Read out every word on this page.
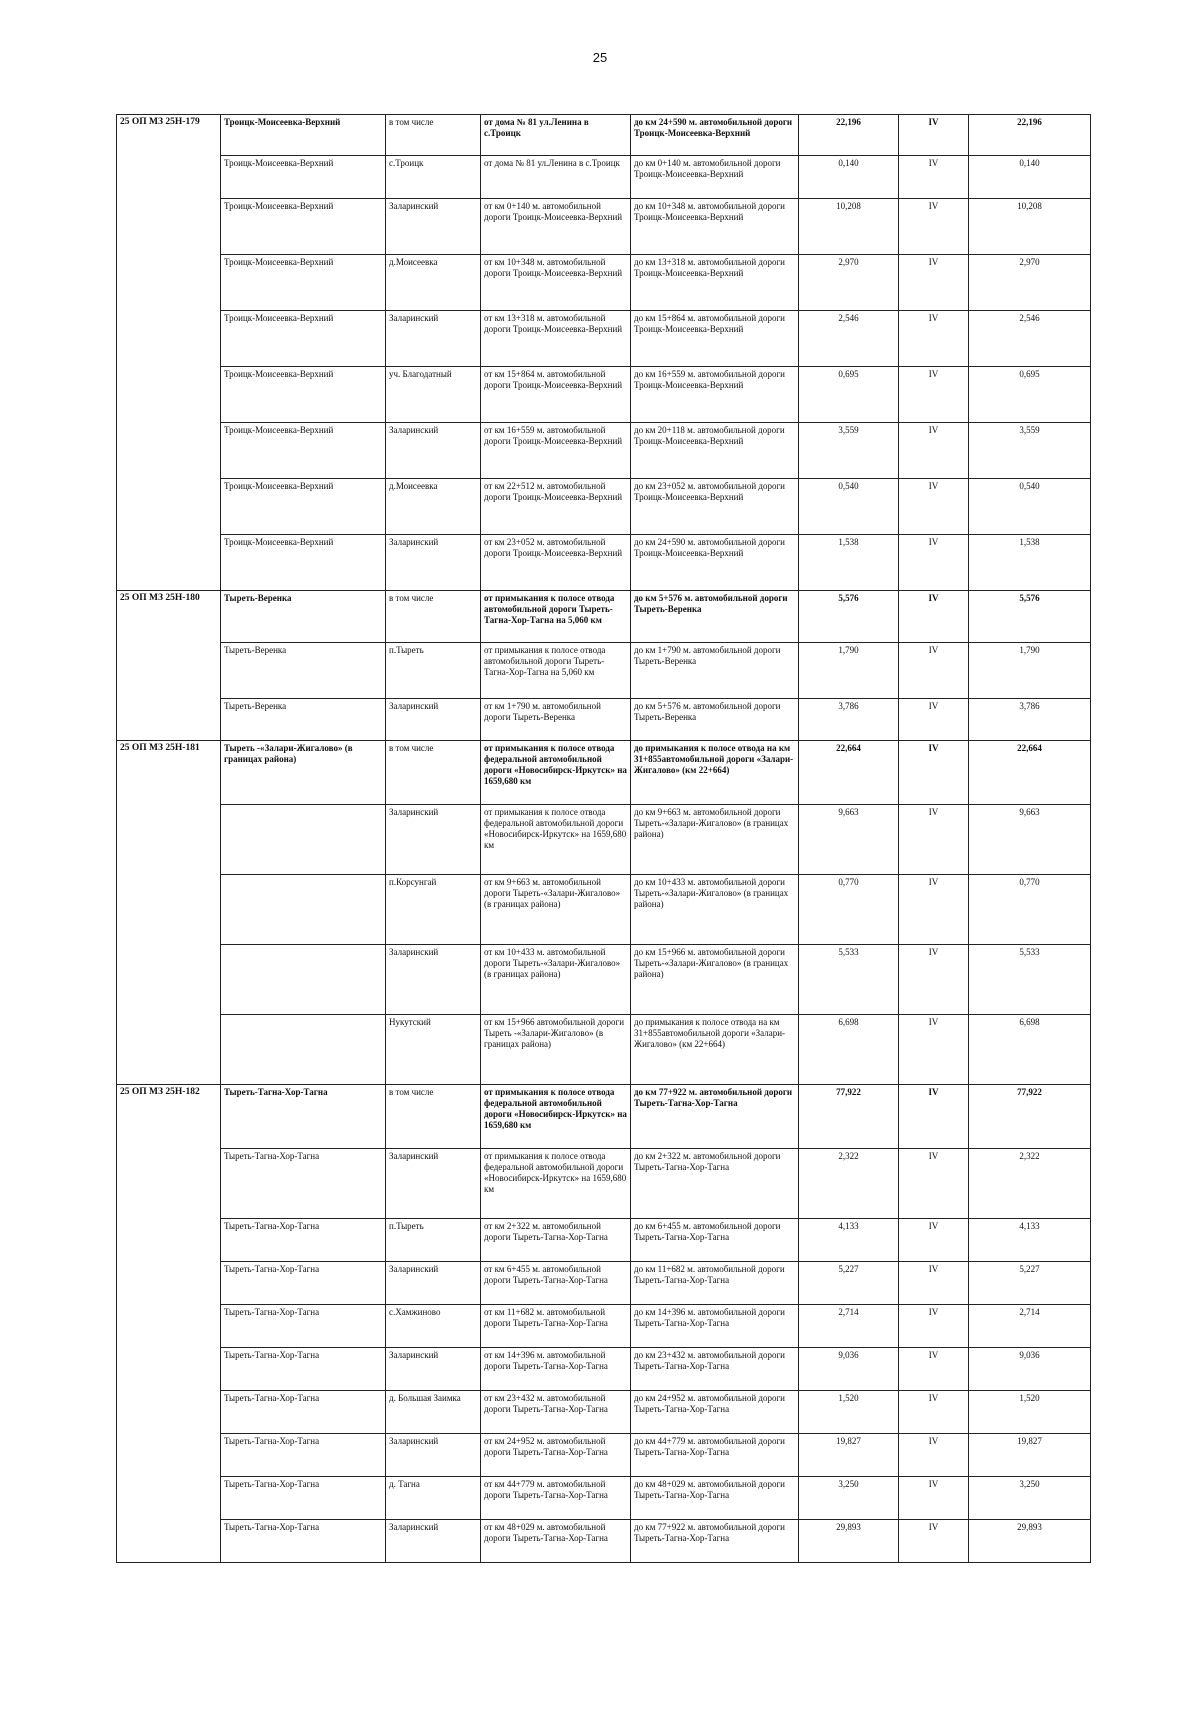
25
25 ОП МЗ 25Н-179	Троицк-Моисеевка-Верхний	в том числе	от дома № 81 ул.Ленина в с.Троицк	до км 24+590 м. автомобильной дороги Троицк-Моисеевка-Верхний	22,196	IV	22,196
	Троицк-Моисеевка-Верхний	с.Троицк	от дома № 81 ул.Ленина в с.Троицк	до км 0+140 м. автомобильной дороги Троицк-Моисеевка-Верхний	0,140	IV	0,140
	Троицк-Моисеевка-Верхний	Заларинский	от км 0+140 м. автомобильной дороги Троицк-Моисеевка-Верхний	до км 10+348 м. автомобильной дороги Троицк-Моисеевка-Верхний	10,208	IV	10,208
	Троицк-Моисеевка-Верхний	д.Моисеевка	от км 10+348 м. автомобильной дороги Троицк-Моисеевка-Верхний	до км 13+318 м. автомобильной дороги Троицк-Моисеевка-Верхний	2,970	IV	2,970
	Троицк-Моисеевка-Верхний	Заларинский	от км 13+318 м. автомобильной дороги Троицк-Моисеевка-Верхний	до км 15+864 м. автомобильной дороги Троицк-Моисеевка-Верхний	2,546	IV	2,546
	Троицк-Моисеевка-Верхний	уч. Благодатный	от км 15+864 м. автомобильной дороги Троицк-Моисеевка-Верхний	до км 16+559 м. автомобильной дороги Троицк-Моисеевка-Верхний	0,695	IV	0,695
	Троицк-Моисеевка-Верхний	Заларинский	от км 16+559 м. автомобильной дороги Троицк-Моисеевка-Верхний	до км 20+118 м. автомобильной дороги Троицк-Моисеевка-Верхний	3,559	IV	3,559
	Троицк-Моисеевка-Верхний	д.Моисеевка	от км 22+512 м. автомобильной дороги Троицк-Моисеевка-Верхний	до км 23+052 м. автомобильной дороги Троицк-Моисеевка-Верхний	0,540	IV	0,540
	Троицк-Моисеевка-Верхний	Заларинский	от км 23+052 м. автомобильной дороги Троицк-Моисеевка-Верхний	до км 24+590 м. автомобильной дороги Троицк-Моисеевка-Верхний	1,538	IV	1,538
25 ОП МЗ 25Н-180	Тыреть-Веренка	в том числе	от примыкания к полосе отвода автомобильной дороги Тыреть-Тагна-Хор-Тагна на 5,060 км	до км 5+576 м. автомобильной дороги Тыреть-Веренка	5,576	IV	5,576
	Тыреть-Веренка	п.Тыреть	от примыкания к полосе отвода автомобильной дороги Тыреть-Тагна-Хор-Тагна на 5,060 км	до км 1+790 м. автомобильной дороги Тыреть-Веренка	1,790	IV	1,790
	Тыреть-Веренка	Заларинский	от км 1+790 м. автомобильной дороги Тыреть-Веренка	до км 5+576 м. автомобильной дороги Тыреть-Веренка	3,786	IV	3,786
25 ОП МЗ 25Н-181	Тыреть -«Залари-Жигалово» (в границах района)	в том числе	от примыкания к полосе отвода федеральной автомобильной дороги «Новосибирск-Иркутск» на 1659,680 км	до примыкания к полосе отвода на км 31+855автомобильной дороги «Залари-Жигалово» (км 22+664)	22,664	IV	22,664
		Заларинский	от примыкания к полосе отвода федеральной автомобильной дороги «Новосибирск-Иркутск» на 1659,680 км	до км 9+663 м. автомобильной дороги Тыреть-«Залари-Жигалово» (в границах района)	9,663	IV	9,663
		п.Корсунгай	от км 9+663 м. автомобильной дороги Тыреть-«Залари-Жигалово» (в границах района)	до км 10+433 м. автомобильной дороги Тыреть-«Залари-Жигалово» (в границах района)	0,770	IV	0,770
		Заларинский	от км 10+433 м. автомобильной дороги Тыреть-«Залари-Жигалово» (в границах района)	до км 15+966 м. автомобильной дороги Тыреть-«Залари-Жигалово» (в границах района)	5,533	IV	5,533
		Нукутский	от км 15+966 автомобильной дороги Тыреть -«Залари-Жигалово» (в границах района)	до примыкания к полосе отвода на км 31+855автомобильной дороги «Залари-Жигалово» (км 22+664)	6,698	IV	6,698
25 ОП МЗ 25Н-182	Тыреть-Тагна-Хор-Тагна	в том числе	от примыкания к полосе отвода федеральной автомобильной дороги «Новосибирск-Иркутск» на 1659,680 км	до км 77+922 м. автомобильной дороги Тыреть-Тагна-Хор-Тагна	77,922	IV	77,922
	Тыреть-Тагна-Хор-Тагна	Заларинский	от примыкания к полосе отвода федеральной автомобильной дороги «Новосибирск-Иркутск» на 1659,680 км	до км 2+322 м. автомобильной дороги Тыреть-Тагна-Хор-Тагна	2,322	IV	2,322
	Тыреть-Тагна-Хор-Тагна	п.Тыреть	от км 2+322 м. автомобильной дороги Тыреть-Тагна-Хор-Тагна	до км 6+455 м. автомобильной дороги Тыреть-Тагна-Хор-Тагна	4,133	IV	4,133
	Тыреть-Тагна-Хор-Тагна	Заларинский	от км 6+455 м. автомобильной дороги Тыреть-Тагна-Хор-Тагна	до км 11+682 м. автомобильной дороги Тыреть-Тагна-Хор-Тагна	5,227	IV	5,227
	Тыреть-Тагна-Хор-Тагна	с.Хамжиново	от км 11+682 м. автомобильной дороги Тыреть-Тагна-Хор-Тагна	до км 14+396 м. автомобильной дороги Тыреть-Тагна-Хор-Тагна	2,714	IV	2,714
	Тыреть-Тагна-Хор-Тагна	Заларинский	от км 14+396 м. автомобильной дороги Тыреть-Тагна-Хор-Тагна	до км 23+432 м. автомобильной дороги Тыреть-Тагна-Хор-Тагна	9,036	IV	9,036
	Тыреть-Тагна-Хор-Тагна	д. Большая Заимка	от км 23+432 м. автомобильной дороги Тыреть-Тагна-Хор-Тагна	до км 24+952 м. автомобильной дороги Тыреть-Тагна-Хор-Тагна	1,520	IV	1,520
	Тыреть-Тагна-Хор-Тагна	Заларинский	от км 24+952 м. автомобильной дороги Тыреть-Тагна-Хор-Тагна	до км 44+779 м. автомобильной дороги Тыреть-Тагна-Хор-Тагна	19,827	IV	19,827
	Тыреть-Тагна-Хор-Тагна	д. Тагна	от км 44+779 м. автомобильной дороги Тыреть-Тагна-Хор-Тагна	до км 48+029 м. автомобильной дороги Тыреть-Тагна-Хор-Тагна	3,250	IV	3,250
	Тыреть-Тагна-Хор-Тагна	Заларинский	от км 48+029 м. автомобильной дороги Тыреть-Тагна-Хор-Тагна	до км 77+922 м. автомобильной дороги Тыреть-Тагна-Хор-Тагна	29,893	IV	29,893
